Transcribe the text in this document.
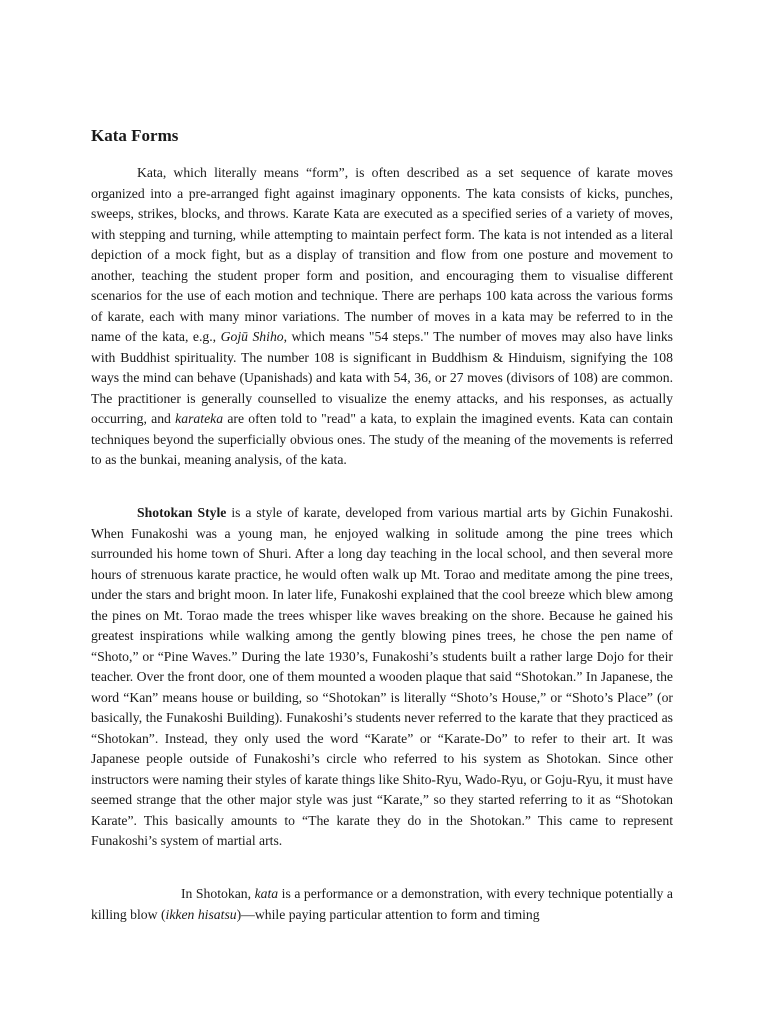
Kata Forms

Kata, which literally means “form”, is often described as a set sequence of karate moves organized into a pre-arranged fight against imaginary opponents. The kata consists of kicks, punches, sweeps, strikes, blocks, and throws. Karate Kata are executed as a specified series of a variety of moves, with stepping and turning, while attempting to maintain perfect form. The kata is not intended as a literal depiction of a mock fight, but as a display of transition and flow from one posture and movement to another, teaching the student proper form and position, and encouraging them to visualise different scenarios for the use of each motion and technique. There are perhaps 100 kata across the various forms of karate, each with many minor variations. The number of moves in a kata may be referred to in the name of the kata, e.g., Gojū Shiho, which means "54 steps." The number of moves may also have links with Buddhist spirituality. The number 108 is significant in Buddhism & Hinduism, signifying the 108 ways the mind can behave (Upanishads) and kata with 54, 36, or 27 moves (divisors of 108) are common. The practitioner is generally counselled to visualize the enemy attacks, and his responses, as actually occurring, and karateka are often told to "read" a kata, to explain the imagined events. Kata can contain techniques beyond the superficially obvious ones. The study of the meaning of the movements is referred to as the bunkai, meaning analysis, of the kata.

Shotokan Style is a style of karate, developed from various martial arts by Gichin Funakoshi. When Funakoshi was a young man, he enjoyed walking in solitude among the pine trees which surrounded his home town of Shuri. After a long day teaching in the local school, and then several more hours of strenuous karate practice, he would often walk up Mt. Torao and meditate among the pine trees, under the stars and bright moon. In later life, Funakoshi explained that the cool breeze which blew among the pines on Mt. Torao made the trees whisper like waves breaking on the shore. Because he gained his greatest inspirations while walking among the gently blowing pines trees, he chose the pen name of “Shoto,” or “Pine Waves.” During the late 1930’s, Funakoshi’s students built a rather large Dojo for their teacher. Over the front door, one of them mounted a wooden plaque that said “Shotokan.” In Japanese, the word “Kan” means house or building, so “Shotokan” is literally “Shoto’s House,” or “Shoto’s Place” (or basically, the Funakoshi Building). Funakoshi’s students never referred to the karate that they practiced as “Shotokan”. Instead, they only used the word “Karate” or “Karate-Do” to refer to their art. It was Japanese people outside of Funakoshi’s circle who referred to his system as Shotokan. Since other instructors were naming their styles of karate things like Shito-Ryu, Wado-Ryu, or Goju-Ryu, it must have seemed strange that the other major style was just “Karate,” so they started referring to it as “Shotokan Karate”. This basically amounts to “The karate they do in the Shotokan.” This came to represent Funakoshi’s system of martial arts.

In Shotokan, kata is a performance or a demonstration, with every technique potentially a killing blow (ikken hisatsu)—while paying particular attention to form and timing
